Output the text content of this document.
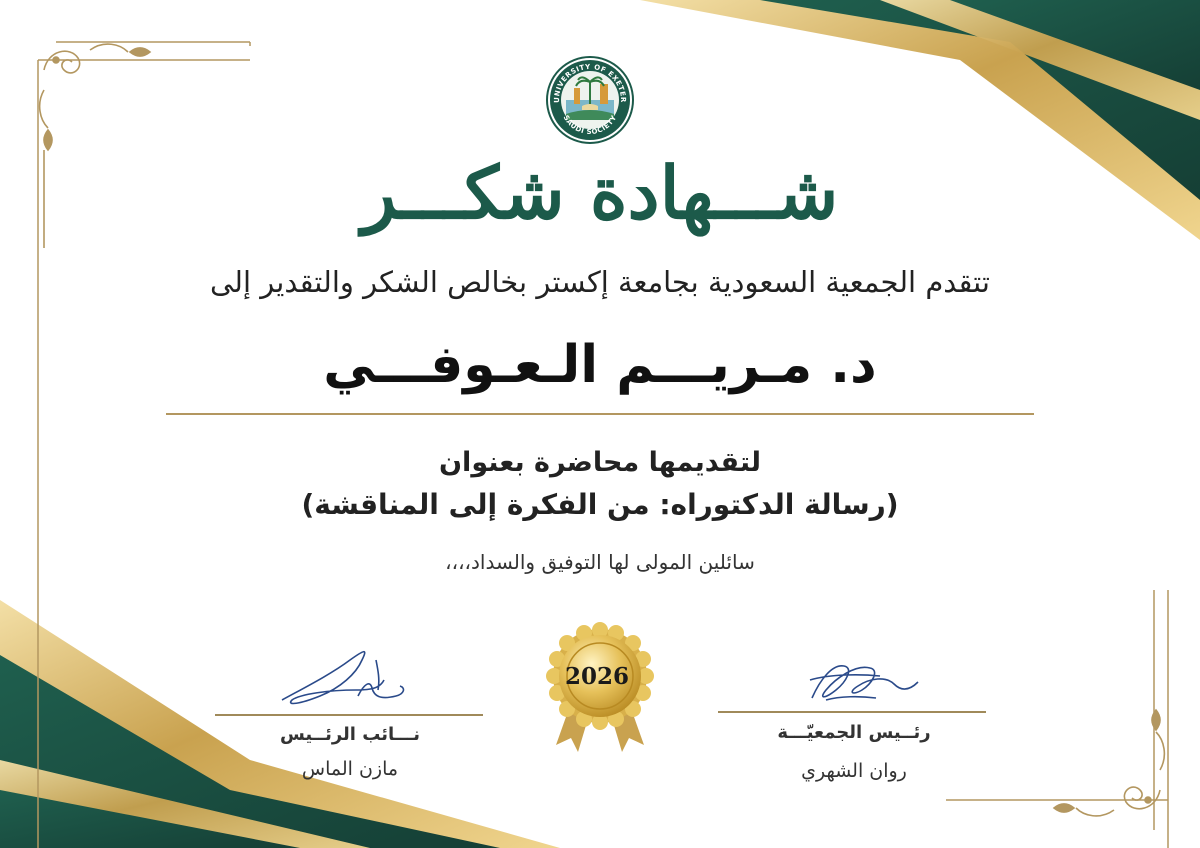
UNIVERSITY OF EXETER
SAUDI SOCIETY
شـــهادة شكـــر
تتقدم الجمعية السعودية بجامعة إكستر بخالص الشكر والتقدير إلى
د. مـريـــم الـعـوفـــي
لتقديمها محاضرة بعنوان
(رسالة الدكتوراه: من الفكرة إلى المناقشة)
سائلين المولى لها التوفيق والسداد،،،،
2026
نـــائب الرئــيس
مازن الماس
رئــيس الجمعيّـــة
روان الشهري
